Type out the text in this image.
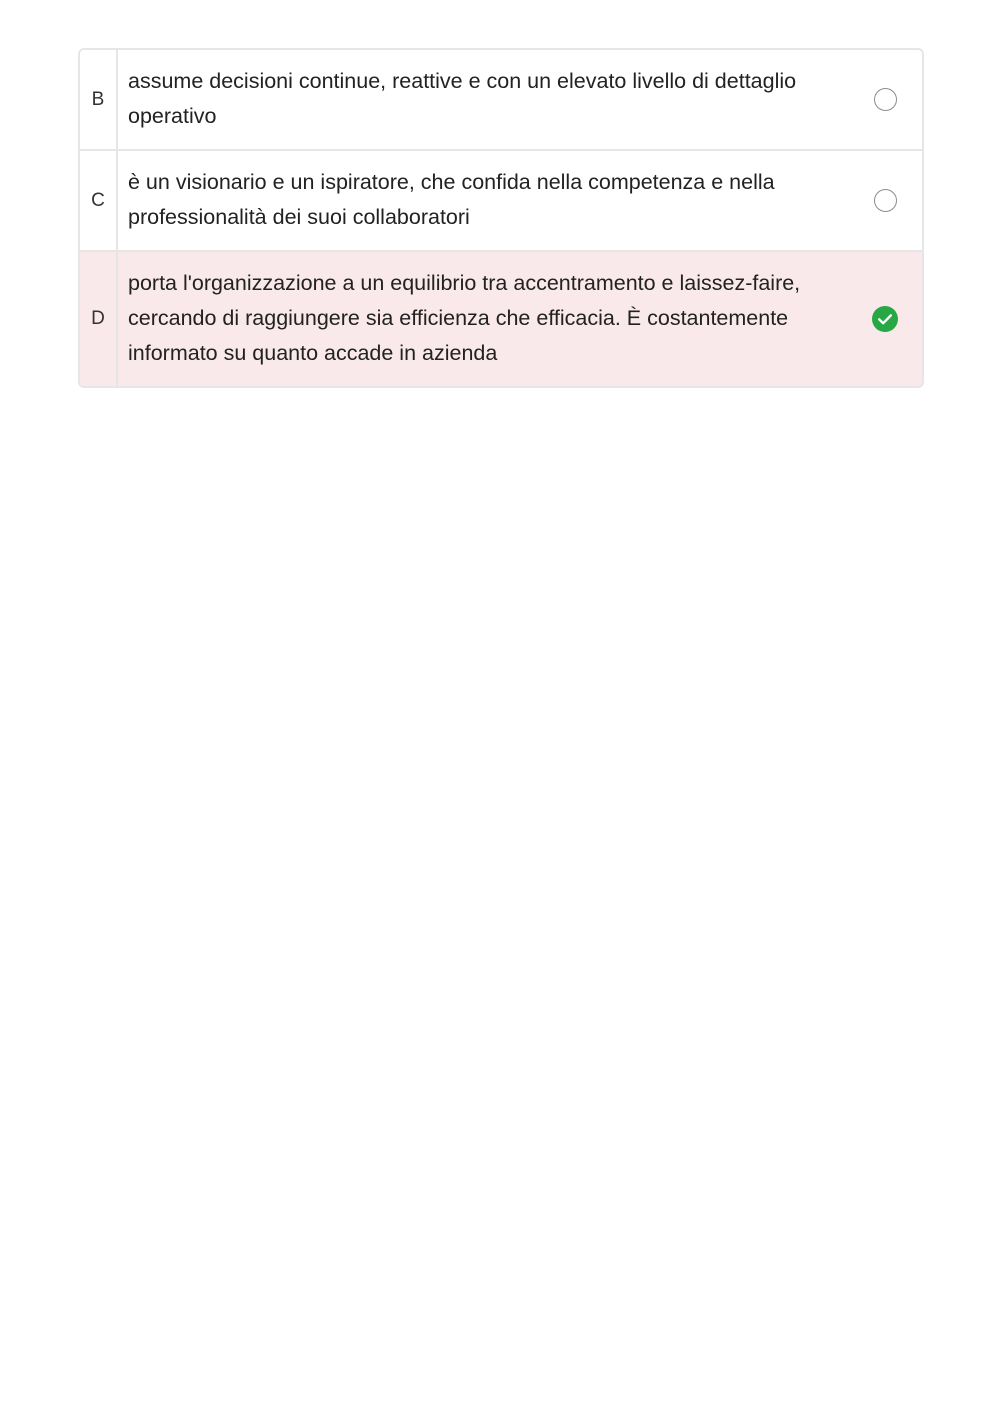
B
assume decisioni continue, reattive e con un elevato livello di dettaglio operativo
C
è un visionario e un ispiratore, che confida nella competenza e nella professionalità dei suoi collaboratori
D
porta l'organizzazione a un equilibrio tra accentramento e laissez-faire, cercando di raggiungere sia efficienza che efficacia. È costantemente informato su quanto accade in azienda
